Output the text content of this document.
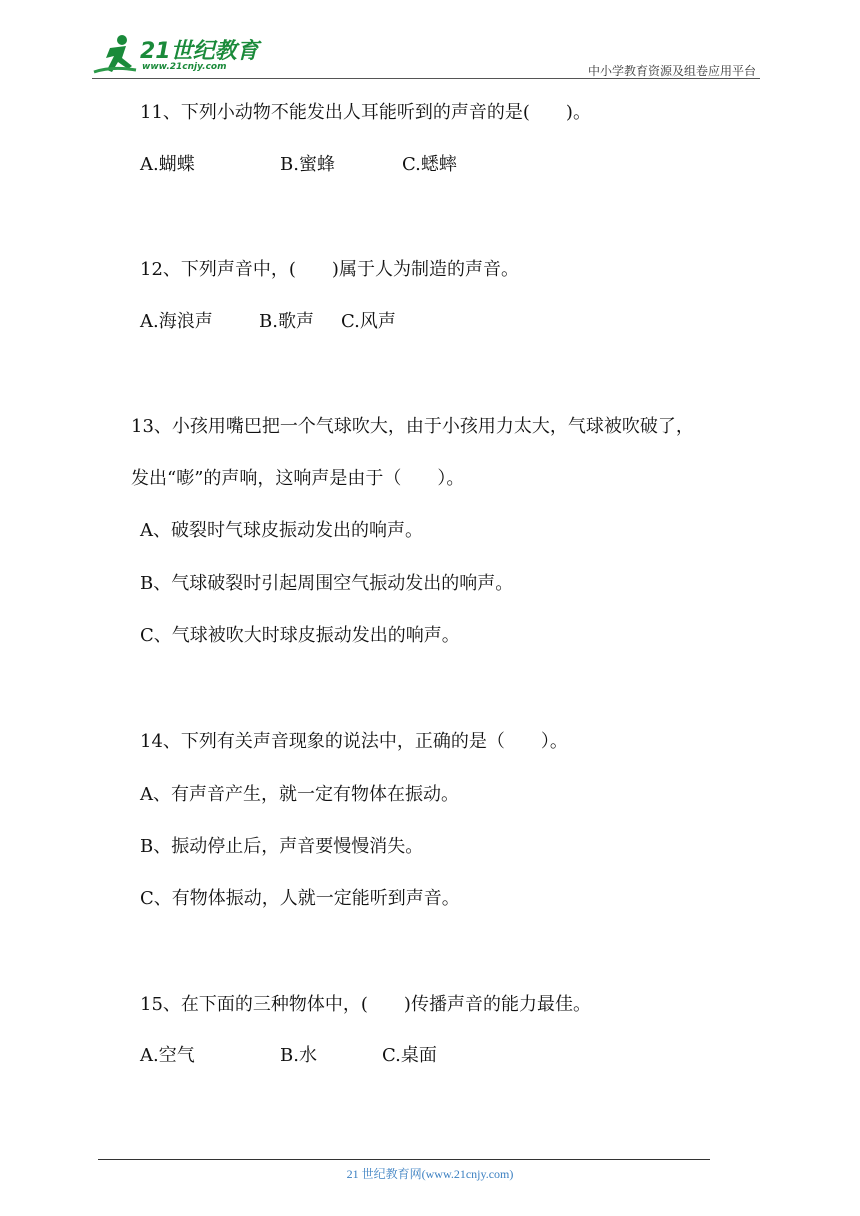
21世纪教育
www.21cnjy.com	中小学教育资源及组卷应用平台
11、下列小动物不能发出人耳能听到的声音的是(　　)。
A.蝴蝶	B.蜜蜂	C.蟋蟀
12、下列声音中，(　　)属于人为制造的声音。
A.海浪声	B.歌声 C.风声
13、小孩用嘴巴把一个气球吹大，由于小孩用力太大，气球被吹破了，
发出“嘭”的声响，这响声是由于（　　）。
A、破裂时气球皮振动发出的响声。
B、气球破裂时引起周围空气振动发出的响声。
C、气球被吹大时球皮振动发出的响声。
14、下列有关声音现象的说法中，正确的是（　　）。
A、有声音产生，就一定有物体在振动。
B、振动停止后，声音要慢慢消失。
C、有物体振动，人就一定能听到声音。
15、在下面的三种物体中，(　　)传播声音的能力最佳。
A.空气	B.水	C.桌面
21 世纪教育网(www.21cnjy.com)
